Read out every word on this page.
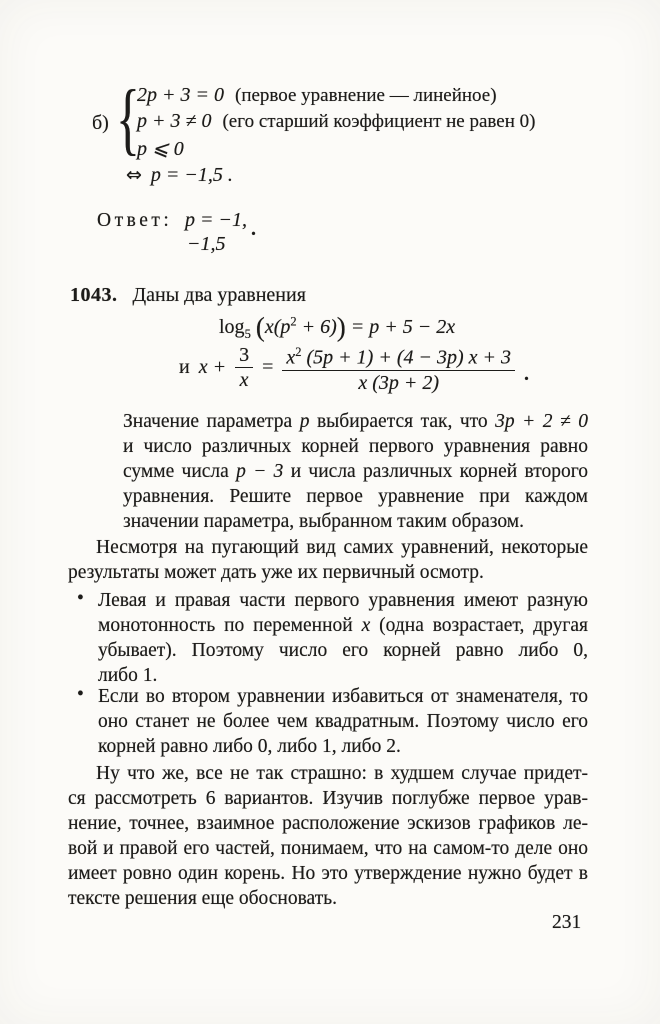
б)
{
2p + 3 = 0 (первое уравнение — линейное)
p + 3 ≠ 0 (его старший коэффициент не равен 0)
p ⩽ 0
⇔ p = −1,5 .
Ответ: p = −1,
−1,5
.
1043. Даны два уравнения
$\log_5 (x(p^2 + 6)) = p + 5 - 2x$
и $x + \frac{3}{x} = \frac{x^2 (5p + 1) + (4 - 3p) x + 3}{x (3p + 2)}$ .
Значение параметра p выбирается так, что 3p + 2 ≠ 0
и число различных корней первого уравнения равно
сумме числа p − 3 и числа различных корней второго
уравнения. Решите первое уравнение при каждом
значении параметра, выбранном таким образом.
Несмотря на пугающий вид самих уравнений, некоторые
результаты может дать уже их первичный осмотр.
• Левая и правая части первого уравнения имеют разную
монотонность по переменной x (одна возрастает, другая
убывает). Поэтому число его корней равно либо 0,
либо 1.
• Если во втором уравнении избавиться от знаменателя, то
оно станет не более чем квадратным. Поэтому число его
корней равно либо 0, либо 1, либо 2.
Ну что же, все не так страшно: в худшем случае придет-
ся рассмотреть 6 вариантов. Изучив поглубже первое урав-
нение, точнее, взаимное расположение эскизов графиков ле-
вой и правой его частей, понимаем, что на самом-то деле оно
имеет ровно один корень. Но это утверждение нужно будет в
тексте решения еще обосновать.
231
